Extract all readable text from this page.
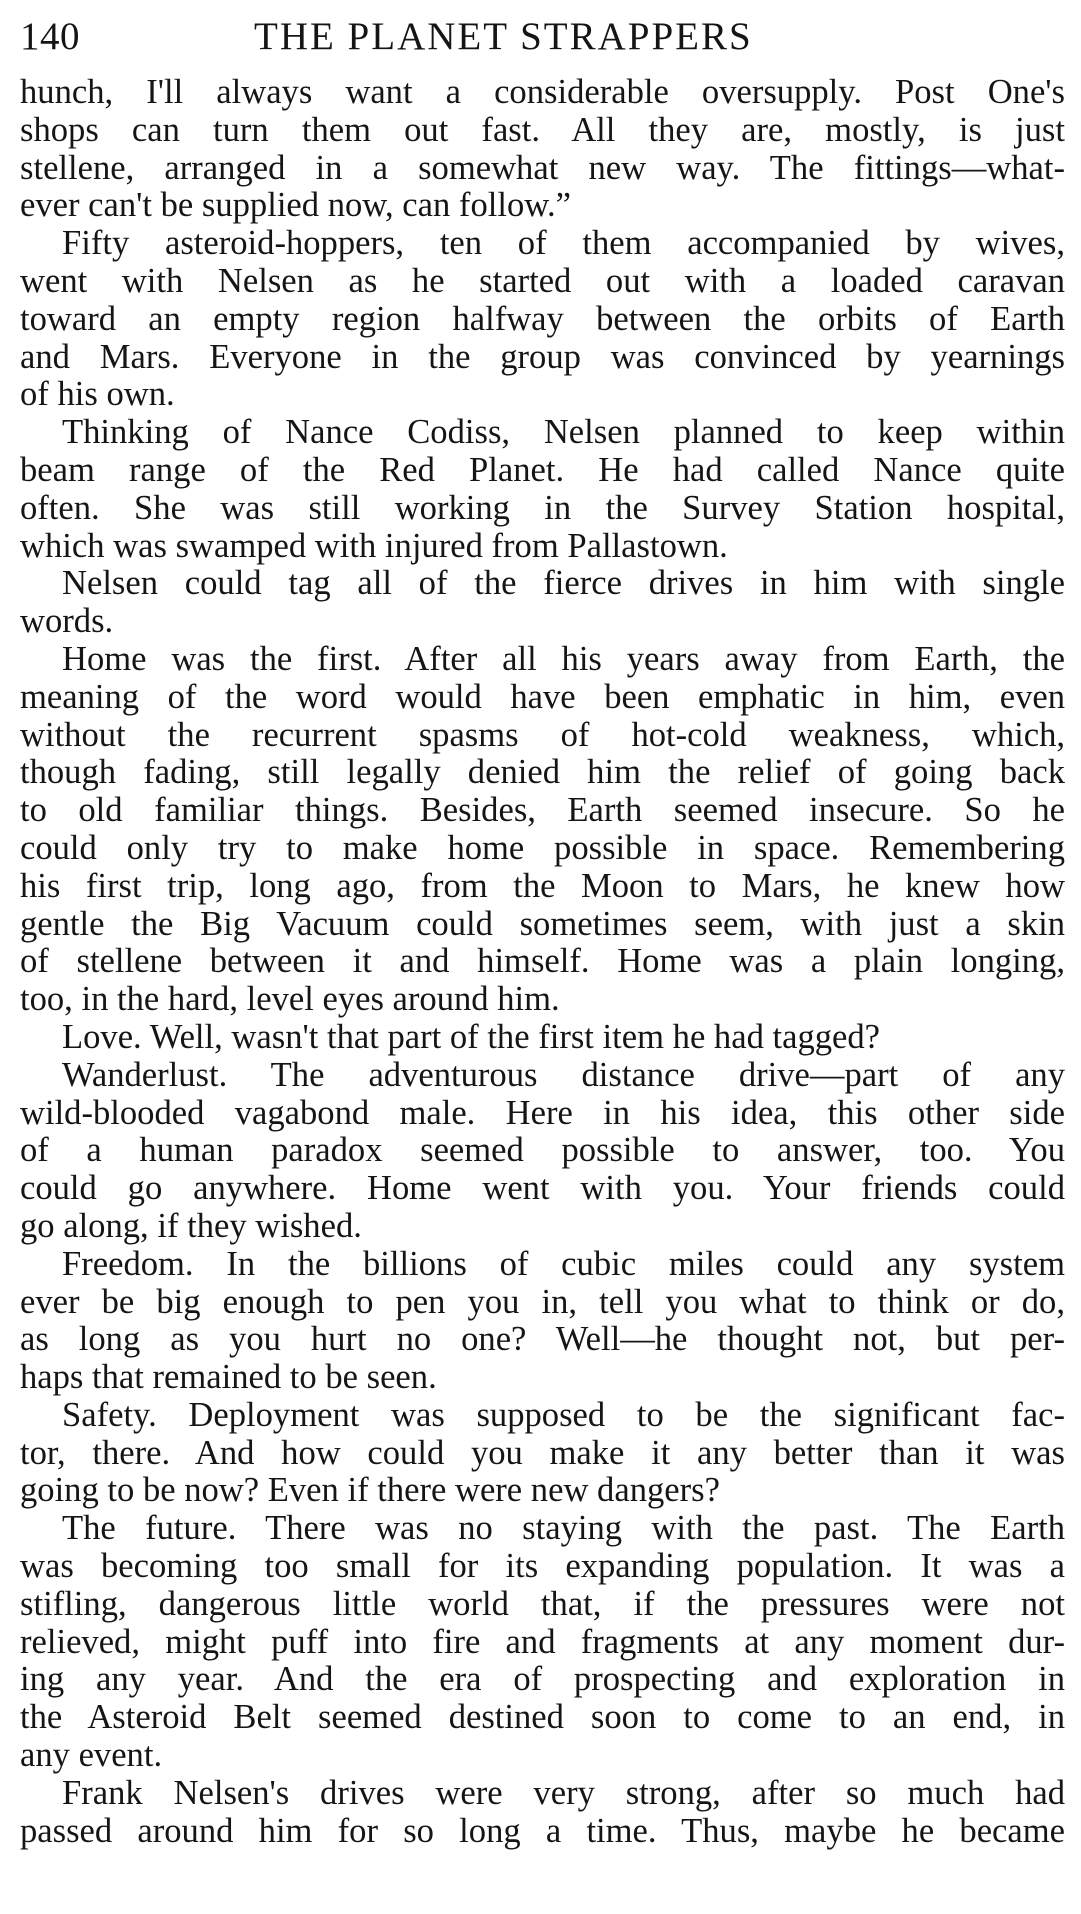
140	THE PLANET STRAPPERS
hunch, I'll always want a considerable oversupply. Post One's
shops can turn them out fast. All they are, mostly, is just
stellene, arranged in a somewhat new way. The fittings—what-
ever can't be supplied now, can follow.”
Fifty asteroid-hoppers, ten of them accompanied by wives,
went with Nelsen as he started out with a loaded caravan
toward an empty region halfway between the orbits of Earth
and Mars. Everyone in the group was convinced by yearnings
of his own.
Thinking of Nance Codiss, Nelsen planned to keep within
beam range of the Red Planet. He had called Nance quite
often. She was still working in the Survey Station hospital,
which was swamped with injured from Pallastown.
Nelsen could tag all of the fierce drives in him with single
words.
Home was the first. After all his years away from Earth, the
meaning of the word would have been emphatic in him, even
without the recurrent spasms of hot-cold weakness, which,
though fading, still legally denied him the relief of going back
to old familiar things. Besides, Earth seemed insecure. So he
could only try to make home possible in space. Remembering
his first trip, long ago, from the Moon to Mars, he knew how
gentle the Big Vacuum could sometimes seem, with just a skin
of stellene between it and himself. Home was a plain longing,
too, in the hard, level eyes around him.
Love. Well, wasn't that part of the first item he had tagged?
Wanderlust. The adventurous distance drive—part of any
wild-blooded vagabond male. Here in his idea, this other side
of a human paradox seemed possible to answer, too. You
could go anywhere. Home went with you. Your friends could
go along, if they wished.
Freedom. In the billions of cubic miles could any system
ever be big enough to pen you in, tell you what to think or do,
as long as you hurt no one? Well—he thought not, but per-
haps that remained to be seen.
Safety. Deployment was supposed to be the significant fac-
tor, there. And how could you make it any better than it was
going to be now? Even if there were new dangers?
The future. There was no staying with the past. The Earth
was becoming too small for its expanding population. It was a
stifling, dangerous little world that, if the pressures were not
relieved, might puff into fire and fragments at any moment dur-
ing any year. And the era of prospecting and exploration in
the Asteroid Belt seemed destined soon to come to an end, in
any event.
Frank Nelsen's drives were very strong, after so much had
passed around him for so long a time. Thus, maybe he became
